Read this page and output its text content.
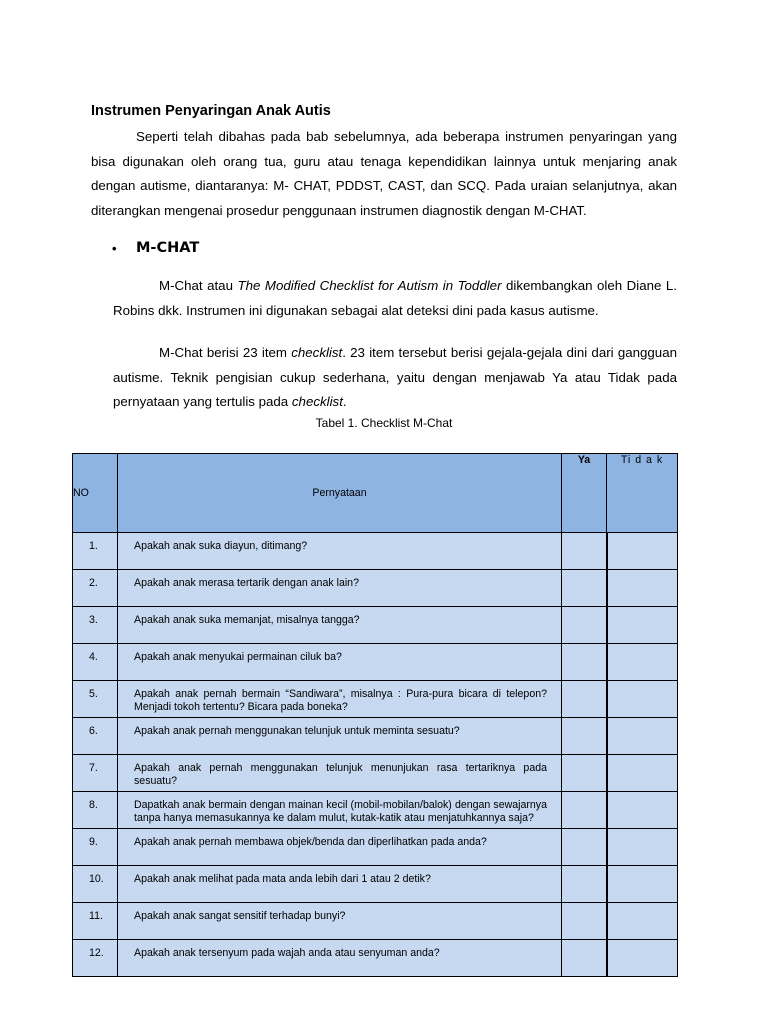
Instrumen Penyaringan Anak Autis

Seperti telah dibahas pada bab sebelumnya, ada beberapa instrumen penyaringan yang bisa digunakan oleh orang tua, guru atau tenaga kependidikan lainnya untuk menjaring anak dengan autisme, diantaranya: M- CHAT, PDDST, CAST, dan SCQ. Pada uraian selanjutnya, akan diterangkan mengenai prosedur penggunaan instrumen diagnostik dengan M-CHAT.

•	M-CHAT

M-Chat atau The Modified Checklist for Autism in Toddler dikembangkan oleh Diane L. Robins dkk. Instrumen ini digunakan sebagai alat deteksi dini pada kasus autisme.

M-Chat berisi 23 item checklist. 23 item tersebut berisi gejala-gejala dini dari gangguan autisme. Teknik pengisian cukup sederhana, yaitu dengan menjawab Ya atau Tidak pada pernyataan yang tertulis pada checklist.

Tabel 1. Checklist M-Chat

NO	Pernyataan	Ya	Ti d a k
1.	Apakah anak suka diayun, ditimang?		
2.	Apakah anak merasa tertarik dengan anak lain?		
3.	Apakah anak suka memanjat, misalnya tangga?		
4.	Apakah anak menyukai permainan ciluk ba?		
5.	Apakah anak pernah bermain “Sandiwara”, misalnya : Pura-pura bicara di telepon? Menjadi tokoh tertentu? Bicara pada boneka?		
6.	Apakah anak pernah menggunakan telunjuk untuk meminta sesuatu?		
7.	Apakah anak pernah menggunakan telunjuk menunjukan rasa tertariknya pada sesuatu?		
8.	Dapatkah anak bermain dengan mainan kecil (mobil-mobilan/balok) dengan sewajarnya tanpa hanya memasukannya ke dalam mulut, kutak-katik atau menjatuhkannya saja?		
9.	Apakah anak pernah membawa objek/benda dan diperlihatkan pada anda?		
10.	Apakah anak melihat pada mata anda lebih dari 1 atau 2 detik?		
11.	Apakah anak sangat sensitif terhadap bunyi?		
12.	Apakah anak tersenyum pada wajah anda atau senyuman anda?		
